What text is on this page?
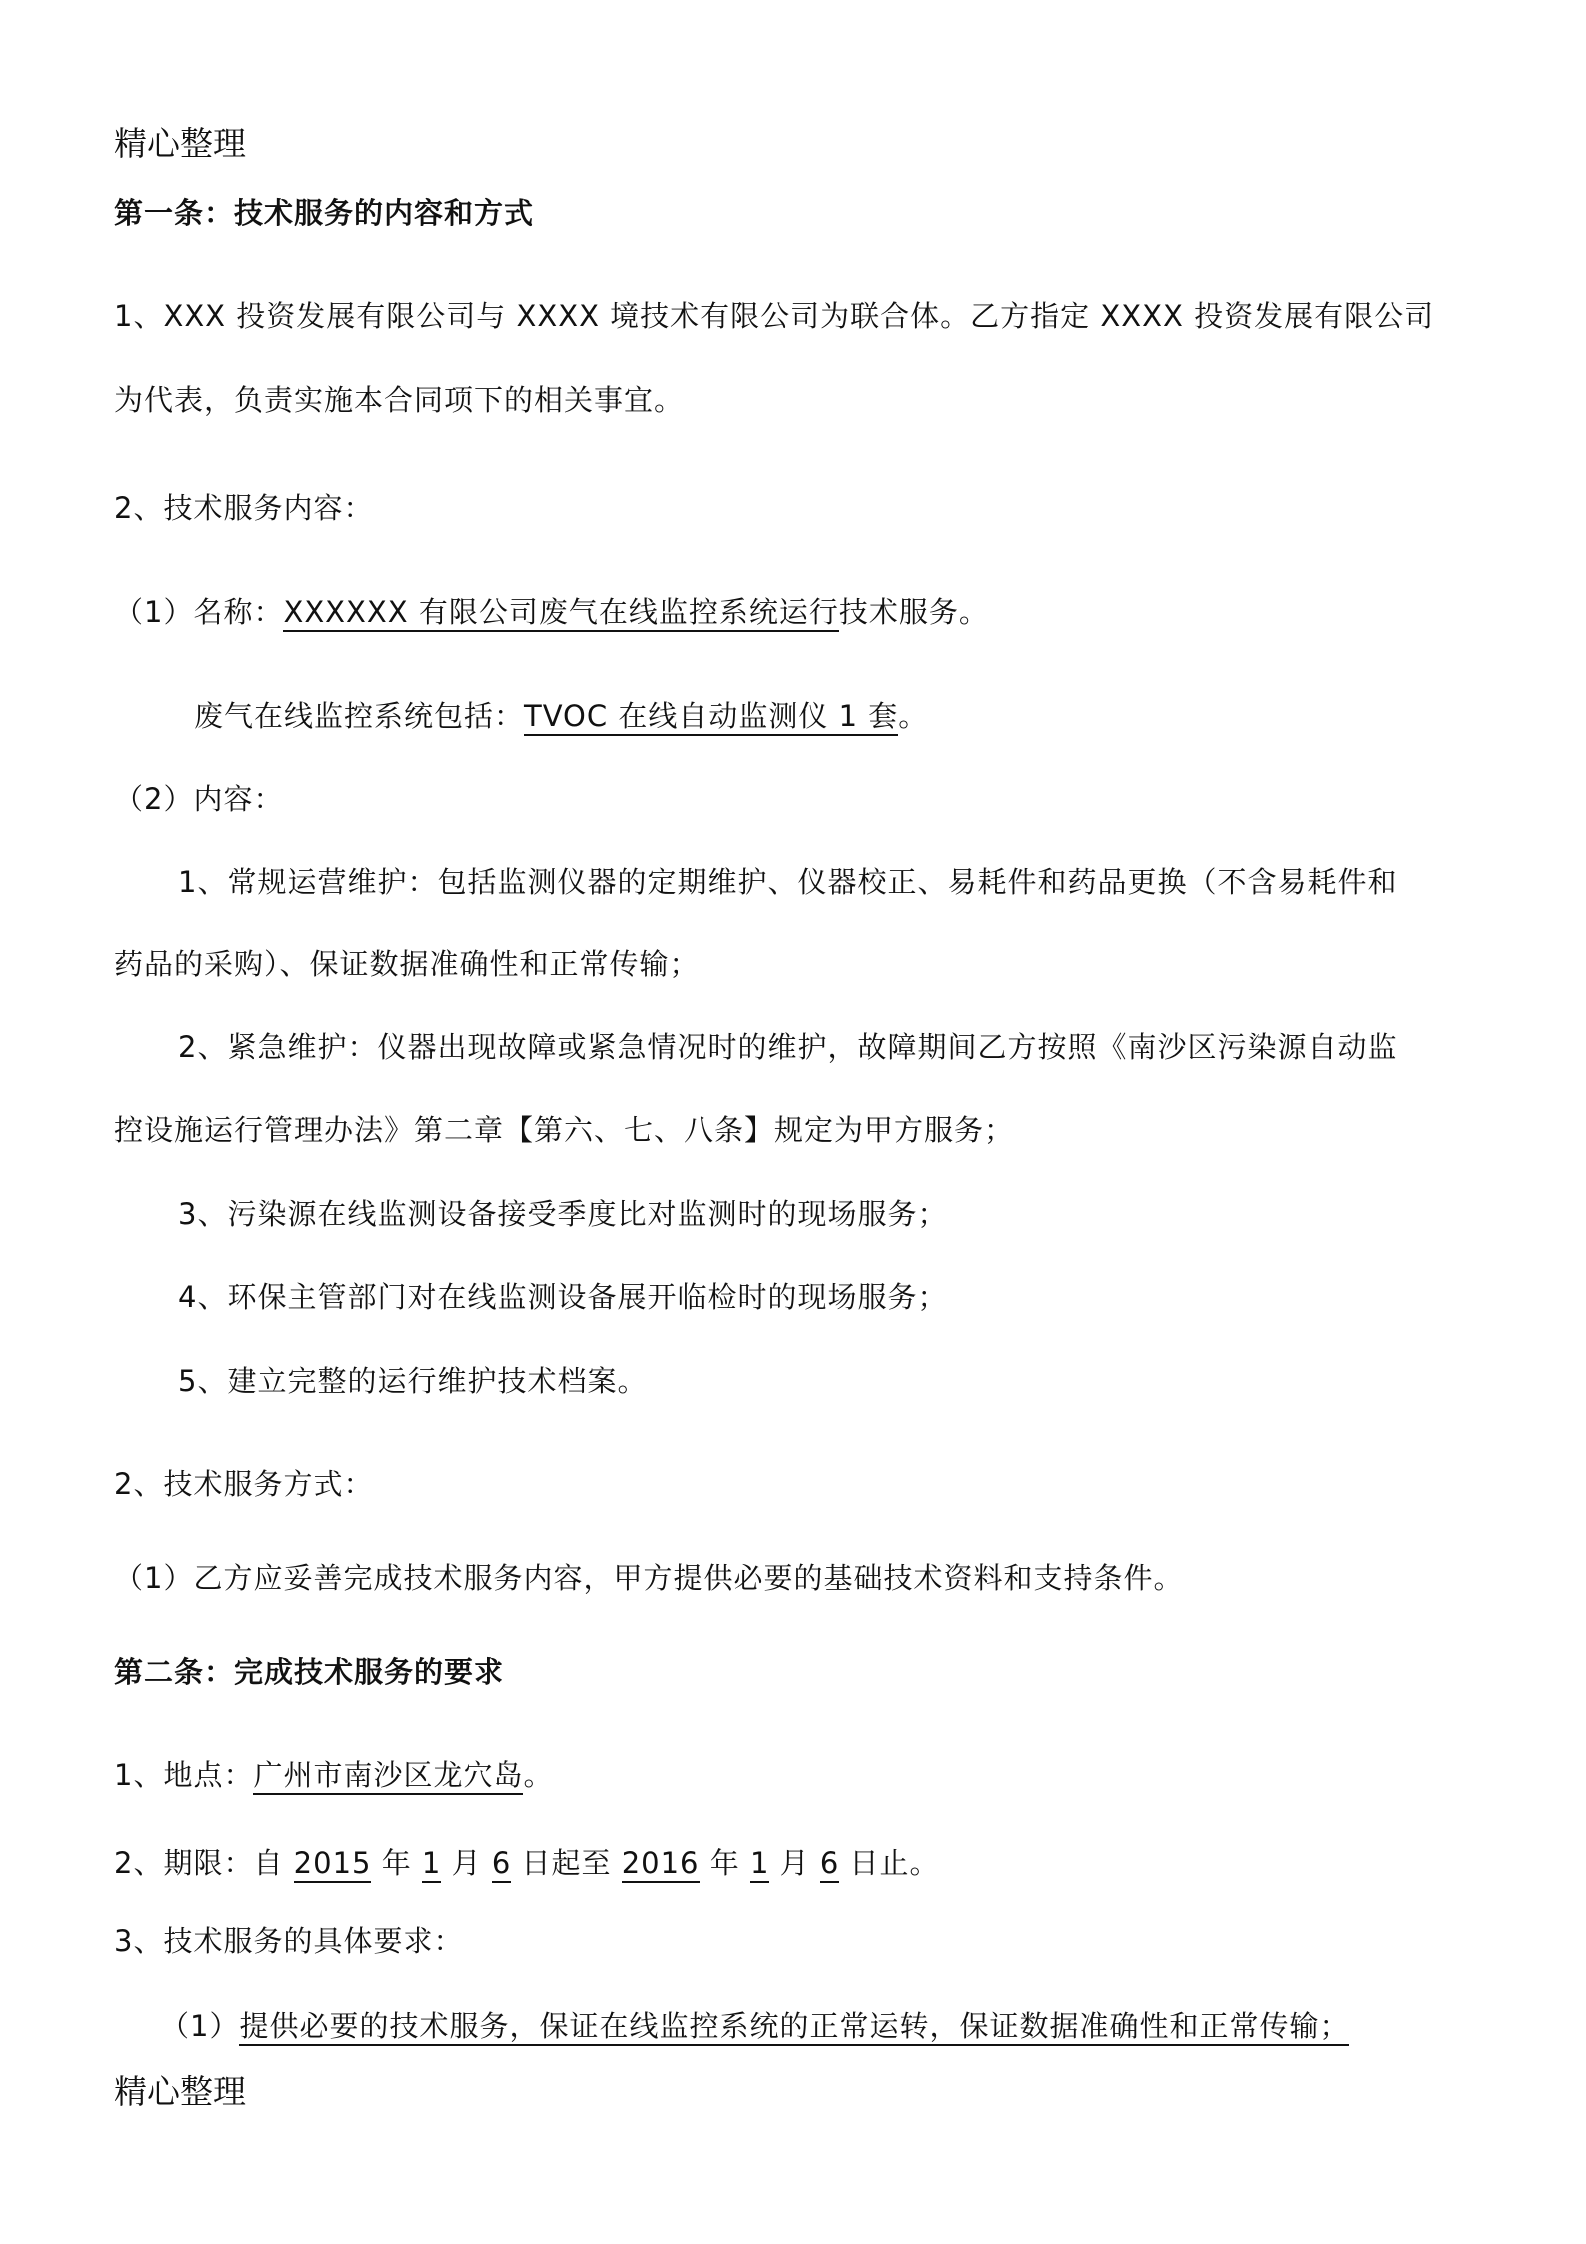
精心整理
第一条：技术服务的内容和方式
1、XXX 投资发展有限公司与 XXXX 境技术有限公司为联合体。乙方指定 XXXX 投资发展有限公司
为代表，负责实施本合同项下的相关事宜。
2、技术服务内容：
（1）名称：XXXXXX 有限公司废气在线监控系统运行技术服务。
废气在线监控系统包括：TVOC 在线自动监测仪 1 套。
（2）内容：
1、常规运营维护：包括监测仪器的定期维护、仪器校正、易耗件和药品更换（不含易耗件和
药品的采购）、保证数据准确性和正常传输；
2、紧急维护：仪器出现故障或紧急情况时的维护，故障期间乙方按照《南沙区污染源自动监
控设施运行管理办法》第二章【第六、七、八条】规定为甲方服务；
3、污染源在线监测设备接受季度比对监测时的现场服务；
4、环保主管部门对在线监测设备展开临检时的现场服务；
5、建立完整的运行维护技术档案。
2、技术服务方式：
（1）乙方应妥善完成技术服务内容，甲方提供必要的基础技术资料和支持条件。
第二条：完成技术服务的要求
1、地点：广州市南沙区龙穴岛。
2、期限：自 2015 年 1 月 6 日起至 2016 年 1 月 6 日止。
3、技术服务的具体要求：
（1）提供必要的技术服务，保证在线监控系统的正常运转，保证数据准确性和正常传输；
精心整理
